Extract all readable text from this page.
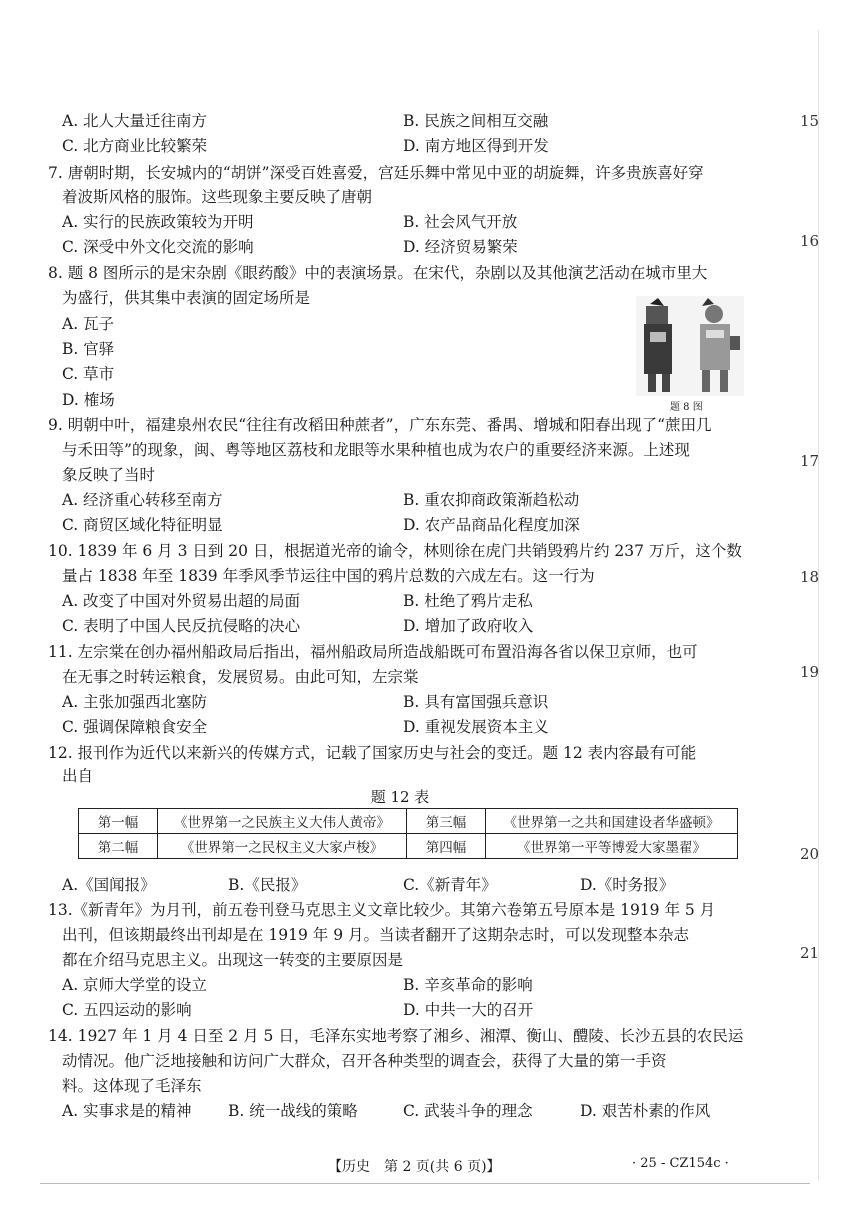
A. 北人大量迁往南方	B. 民族之间相互交融
C. 北方商业比较繁荣	D. 南方地区得到开发
7. 唐朝时期，长安城内的“胡饼”深受百姓喜爱，宫廷乐舞中常见中亚的胡旋舞，许多贵族喜好穿
着波斯风格的服饰。这些现象主要反映了唐朝
A. 实行的民族政策较为开明	B. 社会风气开放
C. 深受中外文化交流的影响	D. 经济贸易繁荣
8. 题 8 图所示的是宋杂剧《眼药酸》中的表演场景。在宋代，杂剧以及其他演艺活动在城市里大
为盛行，供其集中表演的固定场所是
A. 瓦子
B. 官驿
C. 草市
D. 榷场	题 8 图
9. 明朝中叶，福建泉州农民“往往有改稻田种蔗者”，广东东莞、番禺、增城和阳春出现了“蔗田几
与禾田等”的现象，闽、粤等地区荔枝和龙眼等水果种植也成为农户的重要经济来源。上述现
象反映了当时
A. 经济重心转移至南方	B. 重农抑商政策渐趋松动
C. 商贸区域化特征明显	D. 农产品商品化程度加深
10. 1839 年 6 月 3 日到 20 日，根据道光帝的谕令，林则徐在虎门共销毁鸦片约 237 万斤，这个数
量占 1838 年至 1839 年季风季节运往中国的鸦片总数的六成左右。这一行为
A. 改变了中国对外贸易出超的局面	B. 杜绝了鸦片走私
C. 表明了中国人民反抗侵略的决心	D. 增加了政府收入
11. 左宗棠在创办福州船政局后指出，福州船政局所造战船既可布置沿海各省以保卫京师，也可
在无事之时转运粮食，发展贸易。由此可知，左宗棠
A. 主张加强西北塞防	B. 具有富国强兵意识
C. 强调保障粮食安全	D. 重视发展资本主义
12. 报刊作为近代以来新兴的传媒方式，记载了国家历史与社会的变迁。题 12 表内容最有可能
出自
题 12 表
第一幅	《世界第一之民族主义大伟人黄帝》	第三幅	《世界第一之共和国建设者华盛顿》
第二幅	《世界第一之民权主义大家卢梭》	第四幅	《世界第一平等博爱大家墨翟》
A.《国闻报》	B.《民报》	C.《新青年》	D.《时务报》
13.《新青年》为月刊，前五卷刊登马克思主义文章比较少。其第六卷第五号原本是 1919 年 5 月
出刊，但该期最终出刊却是在 1919 年 9 月。当读者翻开了这期杂志时，可以发现整本杂志
都在介绍马克思主义。出现这一转变的主要原因是
A. 京师大学堂的设立	B. 辛亥革命的影响
C. 五四运动的影响	D. 中共一大的召开
14. 1927 年 1 月 4 日至 2 月 5 日，毛泽东实地考察了湘乡、湘潭、衡山、醴陵、长沙五县的农民运
动情况。他广泛地接触和访问广大群众，召开各种类型的调查会，获得了大量的第一手资
料。这体现了毛泽东
A. 实事求是的精神 B. 统一战线的策略	C. 武装斗争的理念	D. 艰苦朴素的作风
15
16
17
18
19
20
21
【历史　第 2 页(共 6 页)】	· 25 - CZ154c ·
